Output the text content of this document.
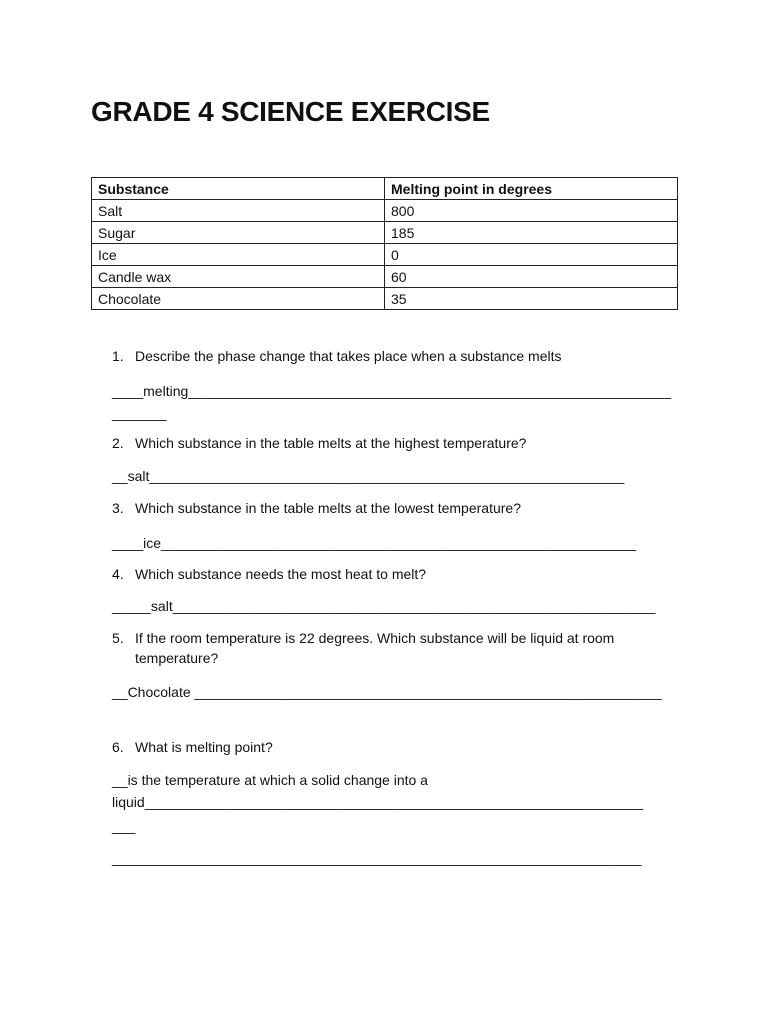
GRADE 4 SCIENCE EXERCISE
Substance	Melting point in degrees
Salt	800
Sugar	185
Ice	0
Candle wax	60
Chocolate	35
1. Describe the phase change that takes place when a substance melts
____melting______________________________________________________________
_______
2. Which substance in the table melts at the highest temperature?
__salt_____________________________________________________________
3. Which substance in the table melts at the lowest temperature?
____ice_____________________________________________________________
4. Which substance needs the most heat to melt?
_____salt______________________________________________________________
5. If the room temperature is 22 degrees. Which substance will be liquid at room
temperature?
__Chocolate ____________________________________________________________
6. What is melting point?
__is the temperature at which a solid change into a
liquid________________________________________________________________
___
____________________________________________________________________
